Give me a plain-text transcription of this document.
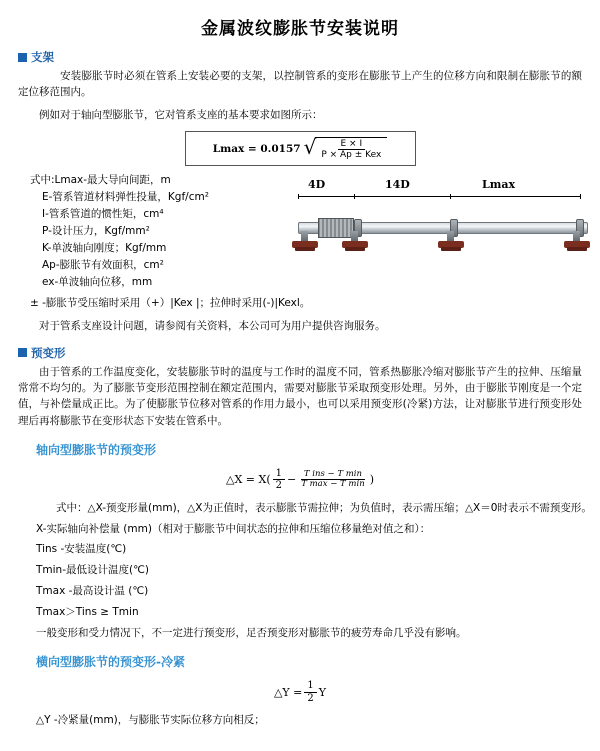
金属波纹膨胀节安装说明
支架
安装膨胀节时必须在管系上安装必要的支架，以控制管系的变形在膨胀节上产生的位移方向和限制在膨胀节的额定位移范围内。
例如对于轴向型膨胀节，它对管系支座的基本要求如图所示：
Lmax = 0.0157 √ $\frac{E \times I}{\text{P × Ap ± Kex}}$
4D	14D	Lmax
式中:Lmax-最大导向间距，m
E-管系管道材料弹性投量，Kgf/cm²
I-管系管道的惯性矩，cm⁴
P-设计压力，Kgf/mm²
K-单波轴向刚度；Kgf/mm
Ap-膨胀节有效面积，cm²
ex-单波轴向位移，mm
± -膨胀节受压缩时采用（+）|Kex |；拉伸时采用(-)|Kexl。
对于管系支座设计问题，请参阅有关资料，本公司可为用户提供咨询服务。
预变形
由于管系的工作温度变化，安装膨胀节时的温度与工作时的温度不同，管系热膨胀冷缩对膨胀节产生的拉伸、压缩量常常不均匀的。为了膨胀节变形范围控制在额定范围内，需要对膨胀节采取预变形处理。另外，由于膨胀节刚度是一个定值，与补偿量成正比。为了使膨胀节位移对管系的作用力最小，也可以采用预变形(冷紧)方法，让对膨胀节进行预变形处理后再将膨胀节在变形状态下安装在管系中。
轴向型膨胀节的预变形
△X = $X( \frac{1}{2} - \frac{\text{T ins − T min}}{\text{T max − T min}}$ )
式中：△X-预变形量(mm)，△X为正值时，表示膨胀节需拉伸；为负值时，表示需压缩；△X＝0时表示不需预变形。
X-实际轴向补偿量 (mm)（相对于膨胀节中间状态的拉伸和压缩位移量绝对值之和）：
Tins -安装温度(℃)
Tmin-最低设计温度(℃)
Tmax -最高设计温 (℃)
Tmax＞Tins ≥ Tmin
一般变形和受力情况下，不一定进行预变形，足否预变形对膨胀节的疲劳寿命几乎没有影响。
横向型膨胀节的预变形-冷紧
△Y = $\frac{1}{2}$ Y
△Y -冷紧量(mm)，与膨胀节实际位移方向相反；
